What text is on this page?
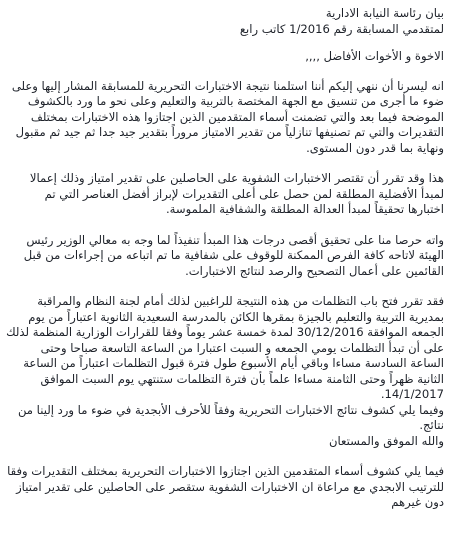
بيان رئاسة النيابة الادارية

لمتقدمي المسابقة رقم 1/2016 كاتب رابع

الاخوة و الأخوات الأفاضل ,,,,

انه ليسرنا أن ننهي إليكم أننا استلمنا نتيجة الاختبارات التحريرية للمسابقة المشار إليها وعلى ضوء ما أجرى من تنسيق مع الجهة المختصة بالتربية والتعليم وعلى نحو ما ورد بالكشوف الموضحة فيما بعد والتي تضمنت أسماء المتقدمين الذين اجتازوا هذه الاختبارات بمختلف التقديرات والتي تم تصنيفها تنازلياً من تقدير الامتياز مروراً بتقدير جيد جدا ثم جيد ثم مقبول ونهاية بما قدر دون المستوى.

هذا وقد تقرر أن تقتصر الاختبارات الشفوية على الحاصلين على تقدير امتياز وذلك إعمالا لمبدأ الأفضلية المطلقة لمن حصل على أعلى التقديرات لإبراز أفضل العناصر التي تم اختبارها تحقيقاً لمبدأ العدالة المطلقة والشفافية الملموسة.

واته حرصا منا على تحقيق أقصى درجات هذا المبدأ تنفيذاً لما وجه به معالي الوزير رئيس الهيئة لاتاحه كافة الفرص الممكنة للوقوف على شفافية ما تم اتباعه من إجراءات من قبل القائمين على أعمال التصحيح والرصد لنتائج الاختبارات.

فقد تقرر فتح باب التظلمات من هذه النتيجة للراغبين لذلك أمام لجنة النظام والمراقبة بمديرية التربية والتعليم بالجيزة بمقرها الكائن بالمدرسة السعيدية الثانوية اعتباراً من يوم الجمعه الموافقة 30/12/2016 لمدة خمسة عشر يوماً وفقا للقرارات الوزارية المنظمة لذلك على أن تبدأ التظلمات يومي الجمعه و السبت اعتبارا من الساعة التاسعة صباحا وحتى الساعة السادسة مساءا وباقي أيام الأسبوع طول فترة قبول التظلمات اعتباراً من الساعة الثانية ظهراً وحتى الثامنة مساءا علماً بأن فترة التظلمات ستنتهي يوم السبت الموافق 14/1/2017.

وفيما يلي كشوف نتائج الاختبارات التحريرية وفقاً للأحرف الأبجدية في ضوء ما ورد إلينا من نتائج.

والله الموفق والمستعان

فيما يلي كشوف أسماء المتقدمين الذين اجتازوا الاختبارات التحريرية بمختلف التقديرات وفقا للترتيب الابجدي مع مراعاة ان الاختبارات الشفوية ستقصر على الحاصلين على تقدير امتياز دون غيرهم
